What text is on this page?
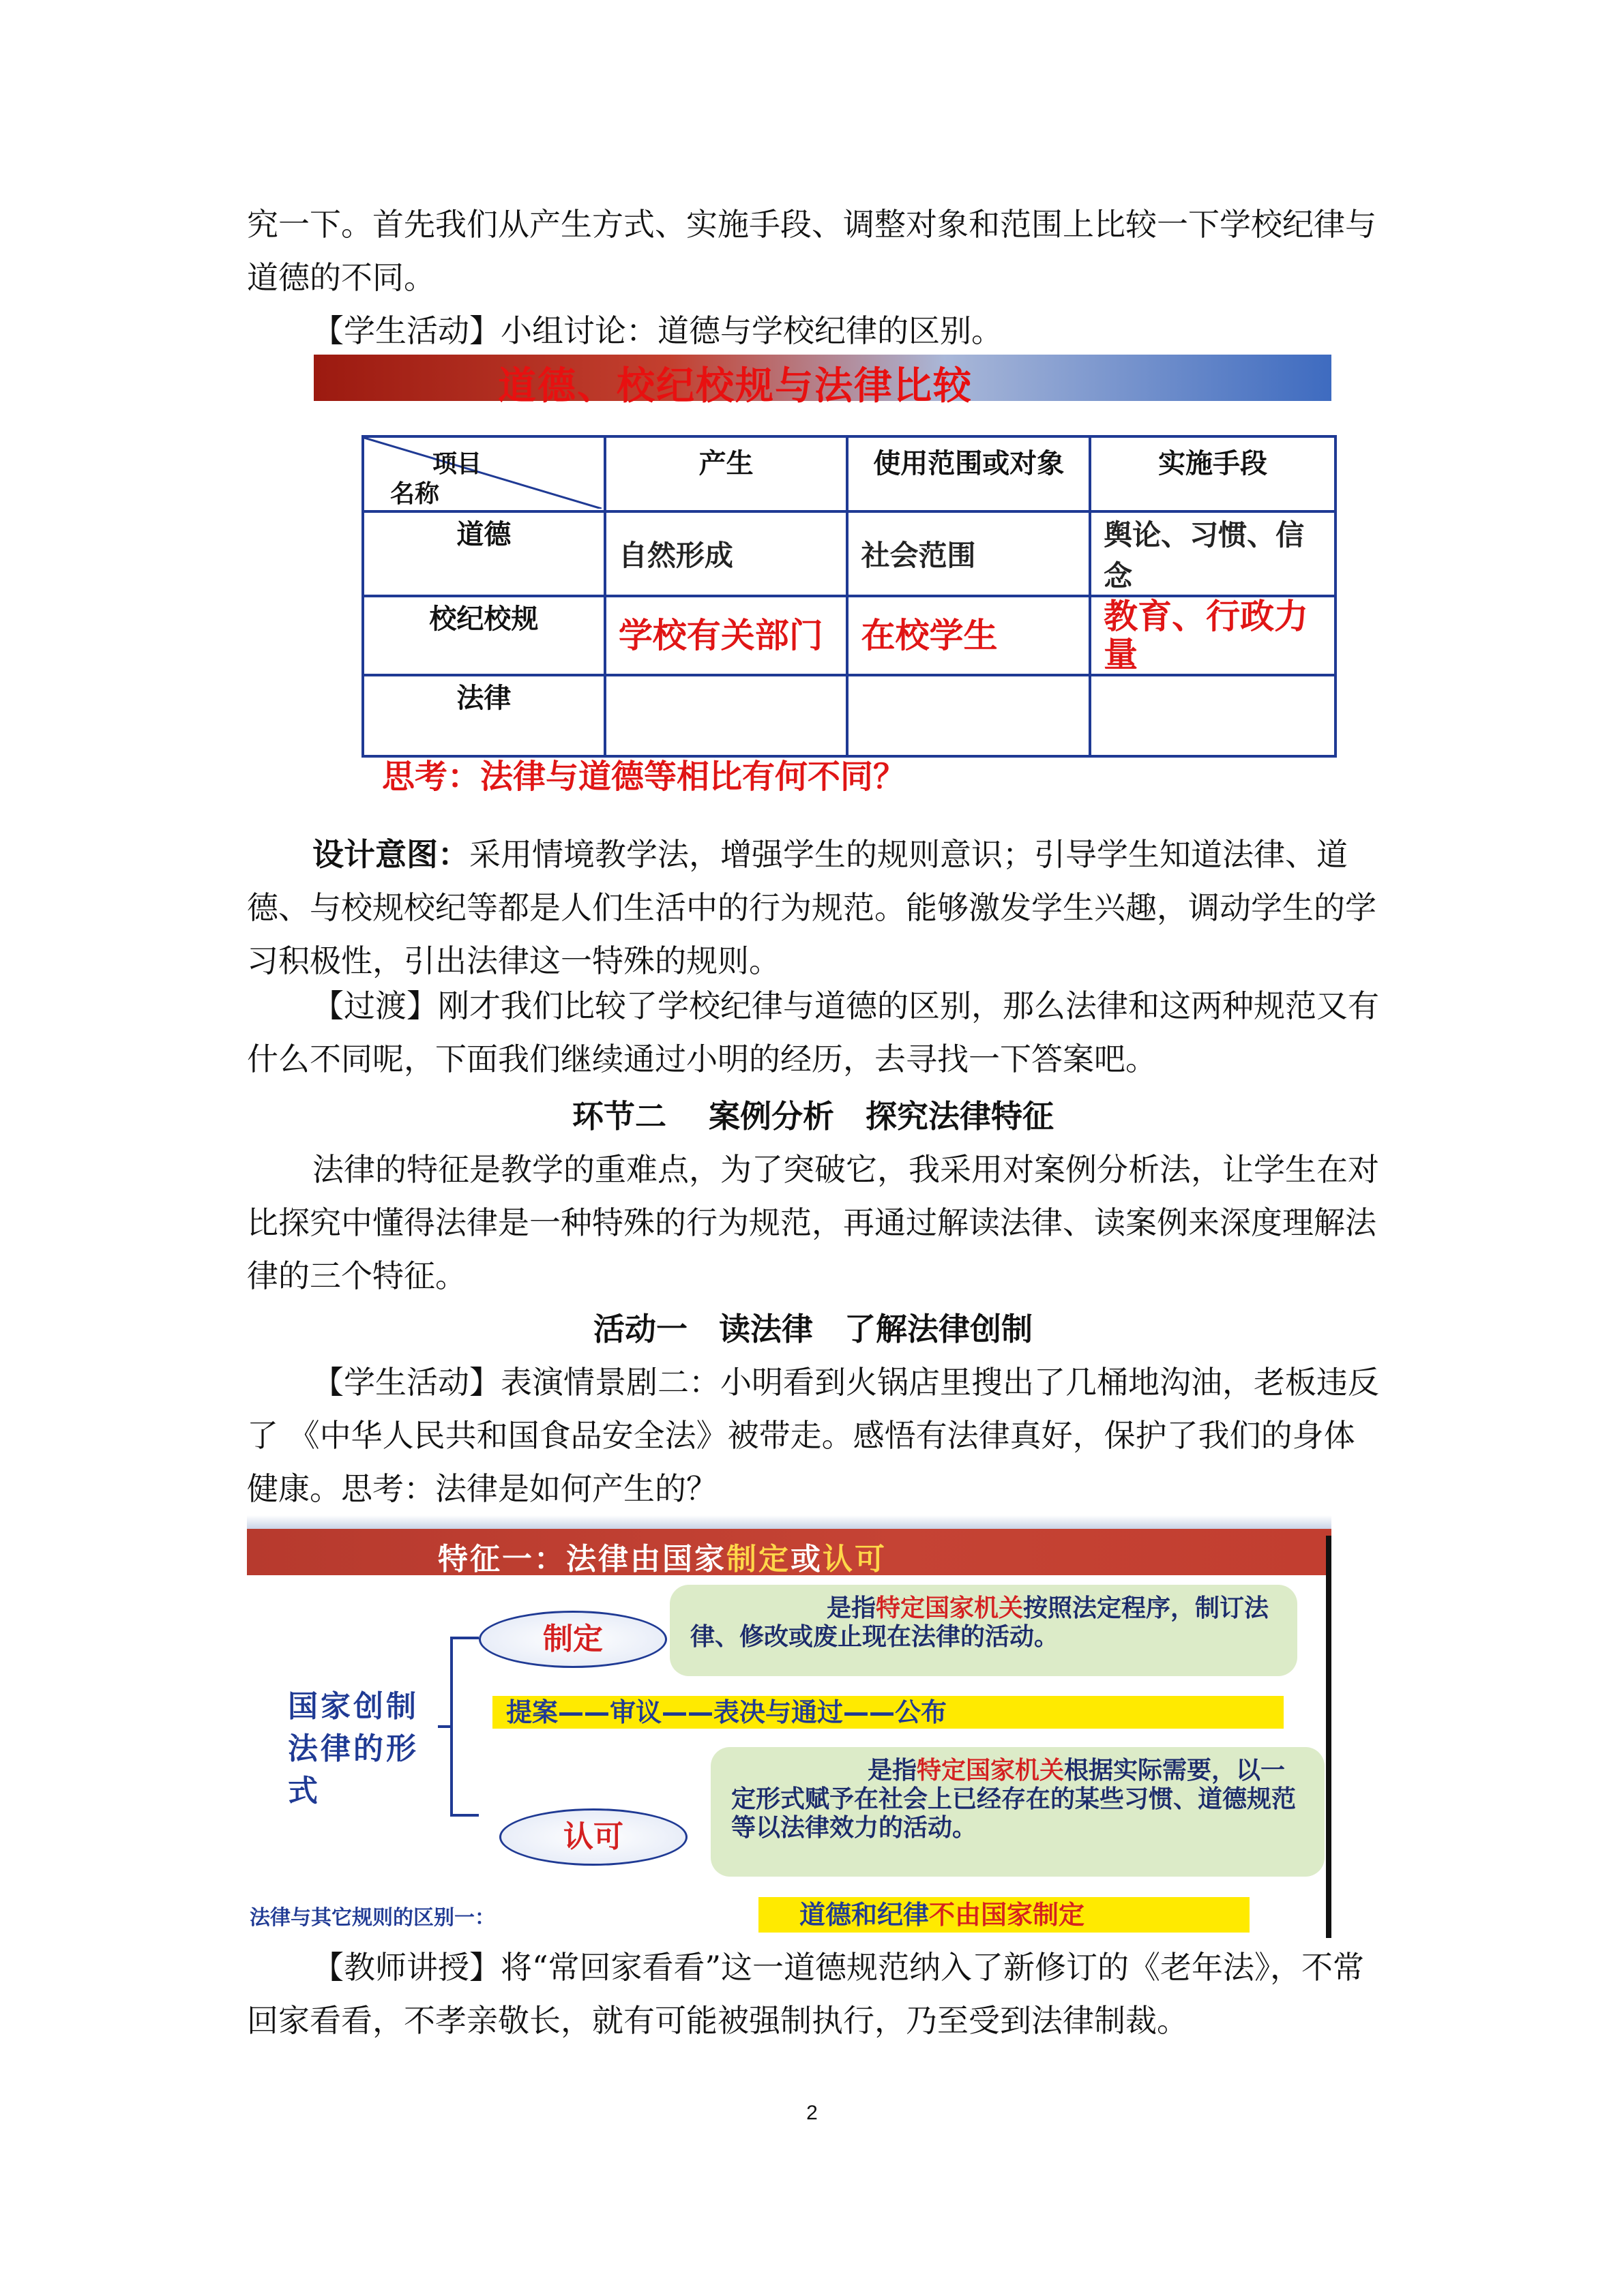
究一下。首先我们从产生方式、实施手段、调整对象和范围上比较一下学校纪律与道德的不同。

【学生活动】小组讨论：道德与学校纪律的区别。

道德、校纪校规与法律比较
项目
名称	产生	使用范围或对象	实施手段
道德	自然形成	社会范围	舆论、习惯、信念
校纪校规	学校有关部门	在校学生	教育、行政力量
法律			
思考：法律与道德等相比有何不同？

设计意图：采用情境教学法，增强学生的规则意识；引导学生知道法律、道德、与校规校纪等都是人们生活中的行为规范。能够激发学生兴趣，调动学生的学习积极性，引出法律这一特殊的规则。

【过渡】刚才我们比较了学校纪律与道德的区别，那么法律和这两种规范又有什么不同呢，下面我们继续通过小明的经历，去寻找一下答案吧。

环节二　 案例分析　探究法律特征

法律的特征是教学的重难点，为了突破它，我采用对案例分析法，让学生在对比探究中懂得法律是一种特殊的行为规范，再通过解读法律、读案例来深度理解法律的三个特征。

活动一　读法律　了解法律创制

【学生活动】表演情景剧二：小明看到火锅店里搜出了几桶地沟油，老板违反了 《中华人民共和国食品安全法》被带走。感悟有法律真好，保护了我们的身体健康。思考：法律是如何产生的？

特征一：法律由国家制定或认可
国家创制法律的形式
制定
认可
是指特定国家机关按照法定程序，制订法律、修改或废止现在法律的活动。
提案——审议——表决与通过——公布
是指特定国家机关根据实际需要，以一定形式赋予在社会上已经存在的某些习惯、道德规范等以法律效力的活动。
法律与其它规则的区别一：	道德和纪律不由国家制定

【教师讲授】将“常回家看看”这一道德规范纳入了新修订的《老年法》，不常回家看看，不孝亲敬长，就有可能被强制执行，乃至受到法律制裁。

2
